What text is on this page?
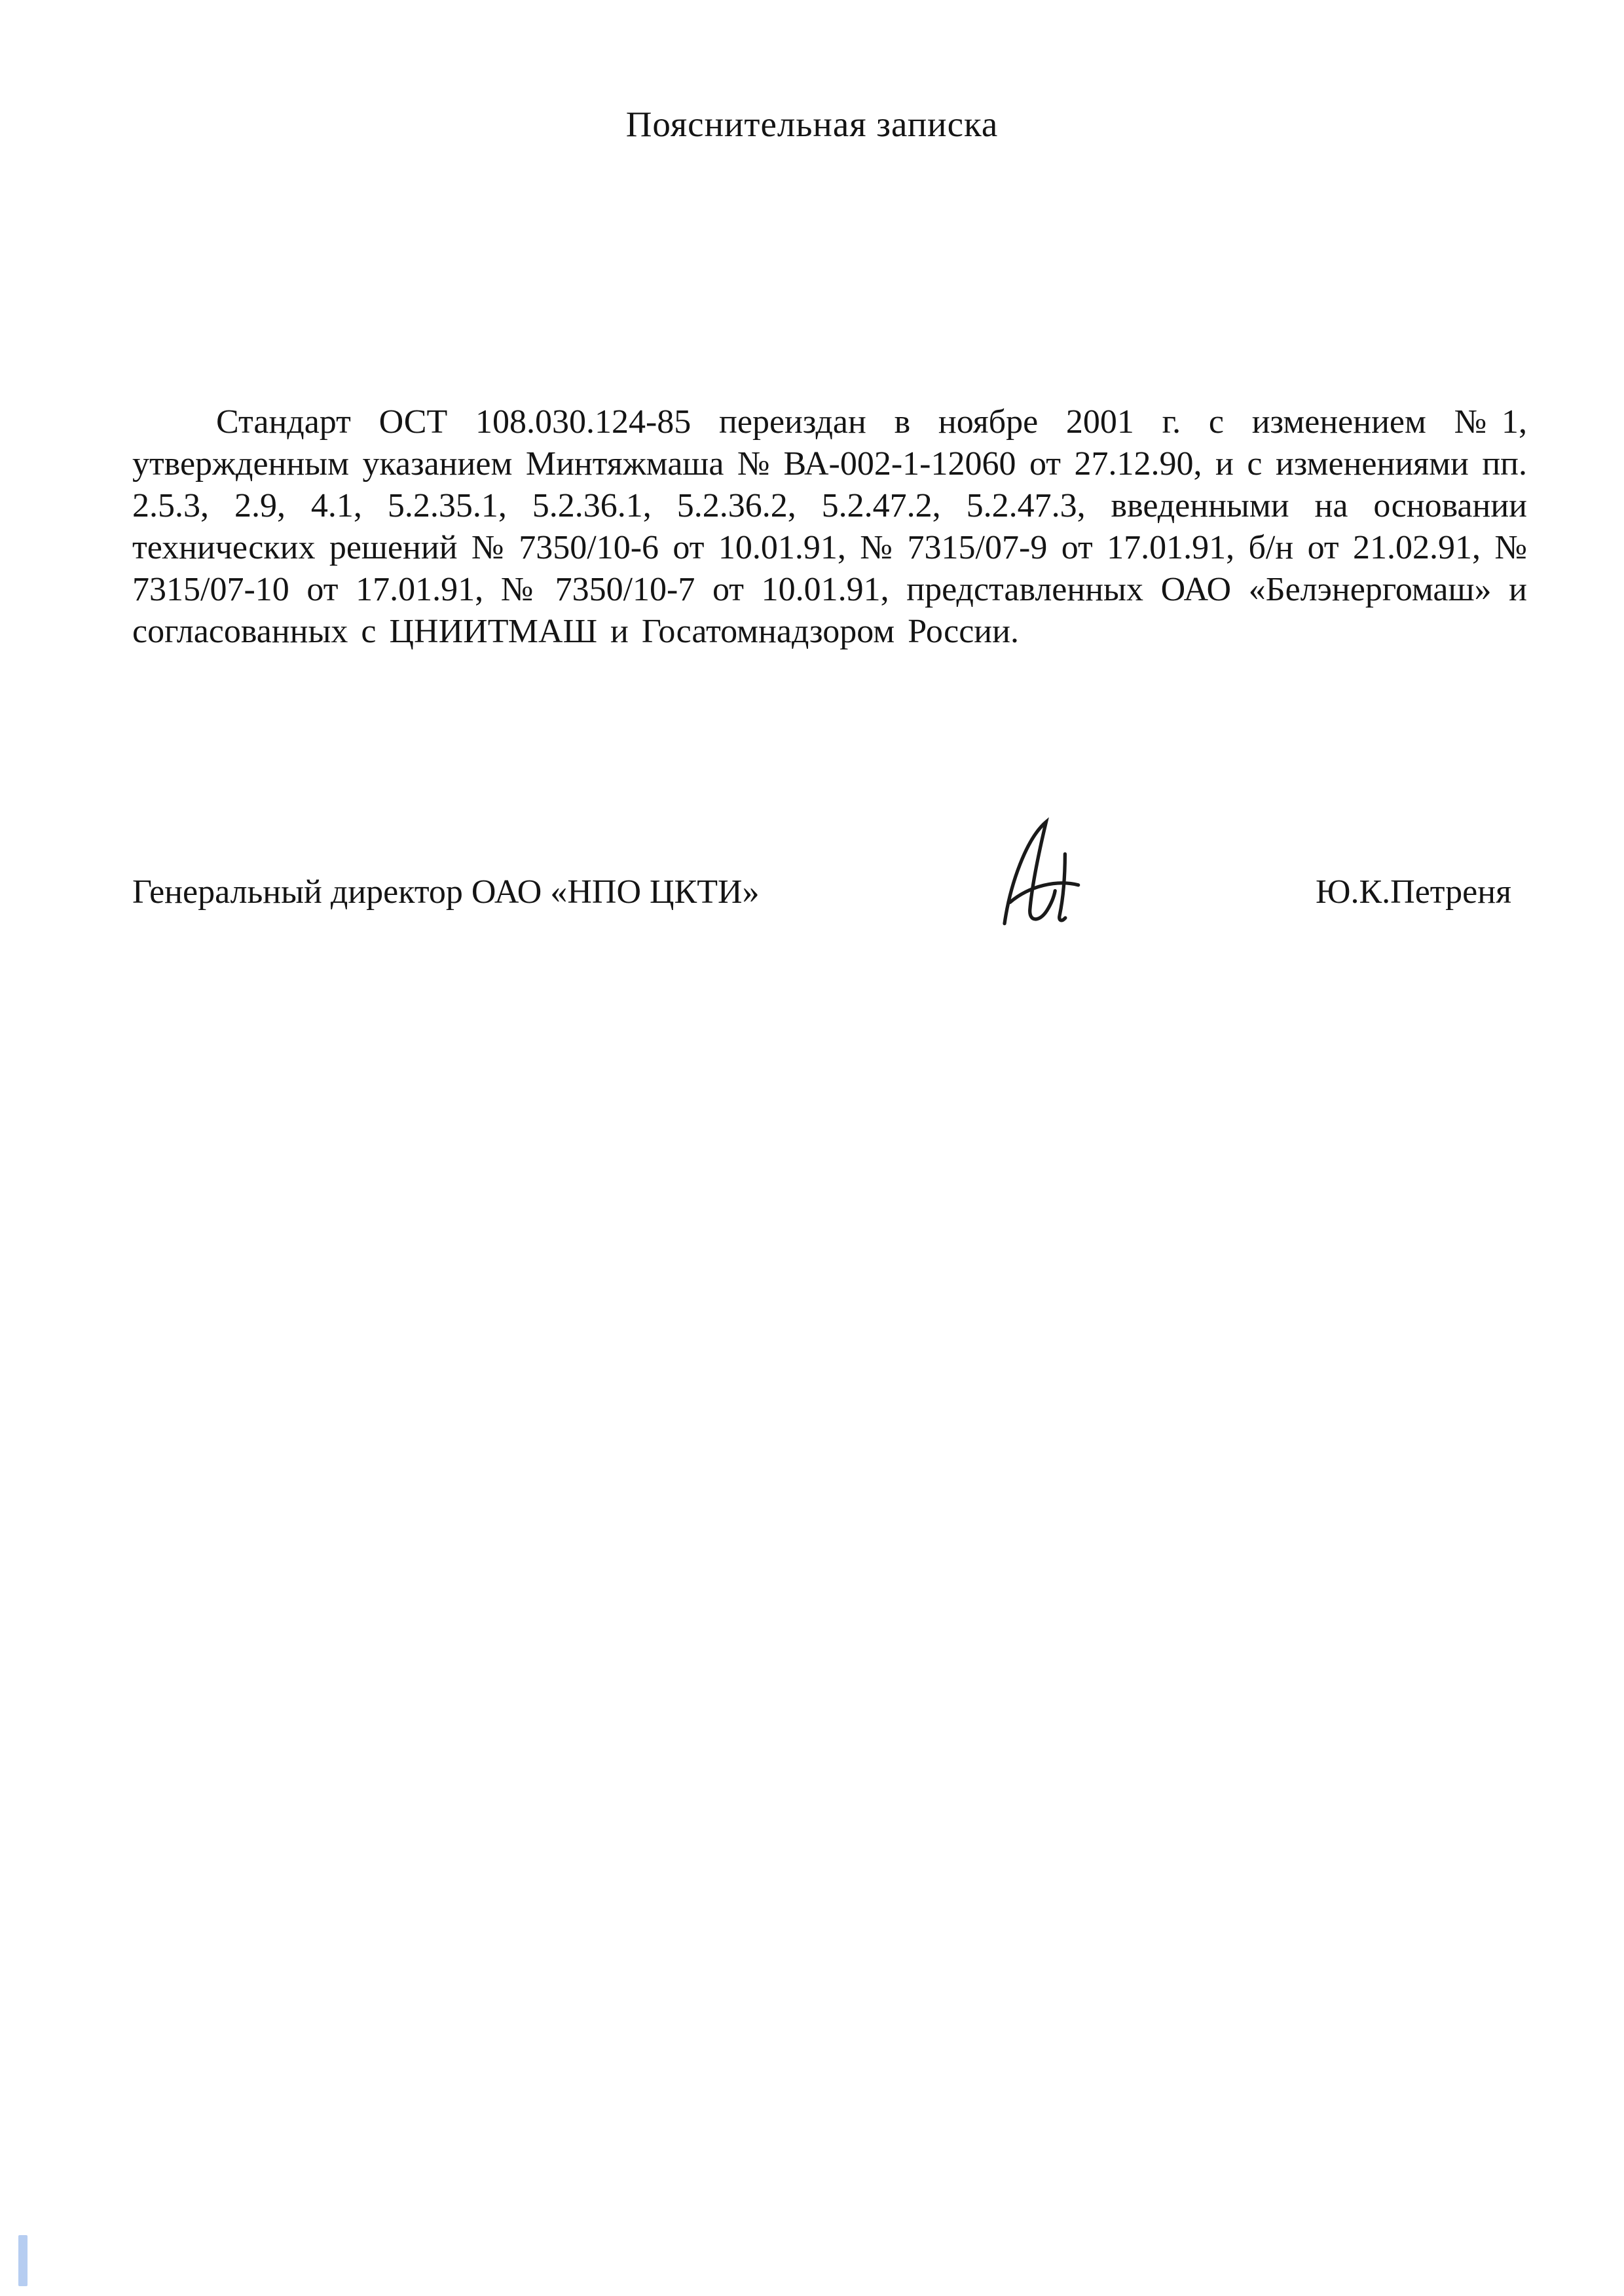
Пояснительная записка
Стандарт ОСТ 108.030.124-85 переиздан в ноябре 2001 г. с изменением №1, утвержденным указанием Минтяжмаша № ВА-002-1-12060 от 27.12.90, и с изменениями пп. 2.5.3, 2.9, 4.1, 5.2.35.1, 5.2.36.1, 5.2.36.2, 5.2.47.2, 5.2.47.3, введенными на основании технических решений № 7350/10-6 от 10.01.91, № 7315/07-9 от 17.01.91, б/н от 21.02.91, № 7315/07-10 от 17.01.91, № 7350/10-7 от 10.01.91, представленных ОАО «Белэнергомаш» и согласованных с ЦНИИТМАШ и Госатомнадзором России.
Генеральный директор ОАО «НПО ЦКТИ»	Ю.К.Петреня
